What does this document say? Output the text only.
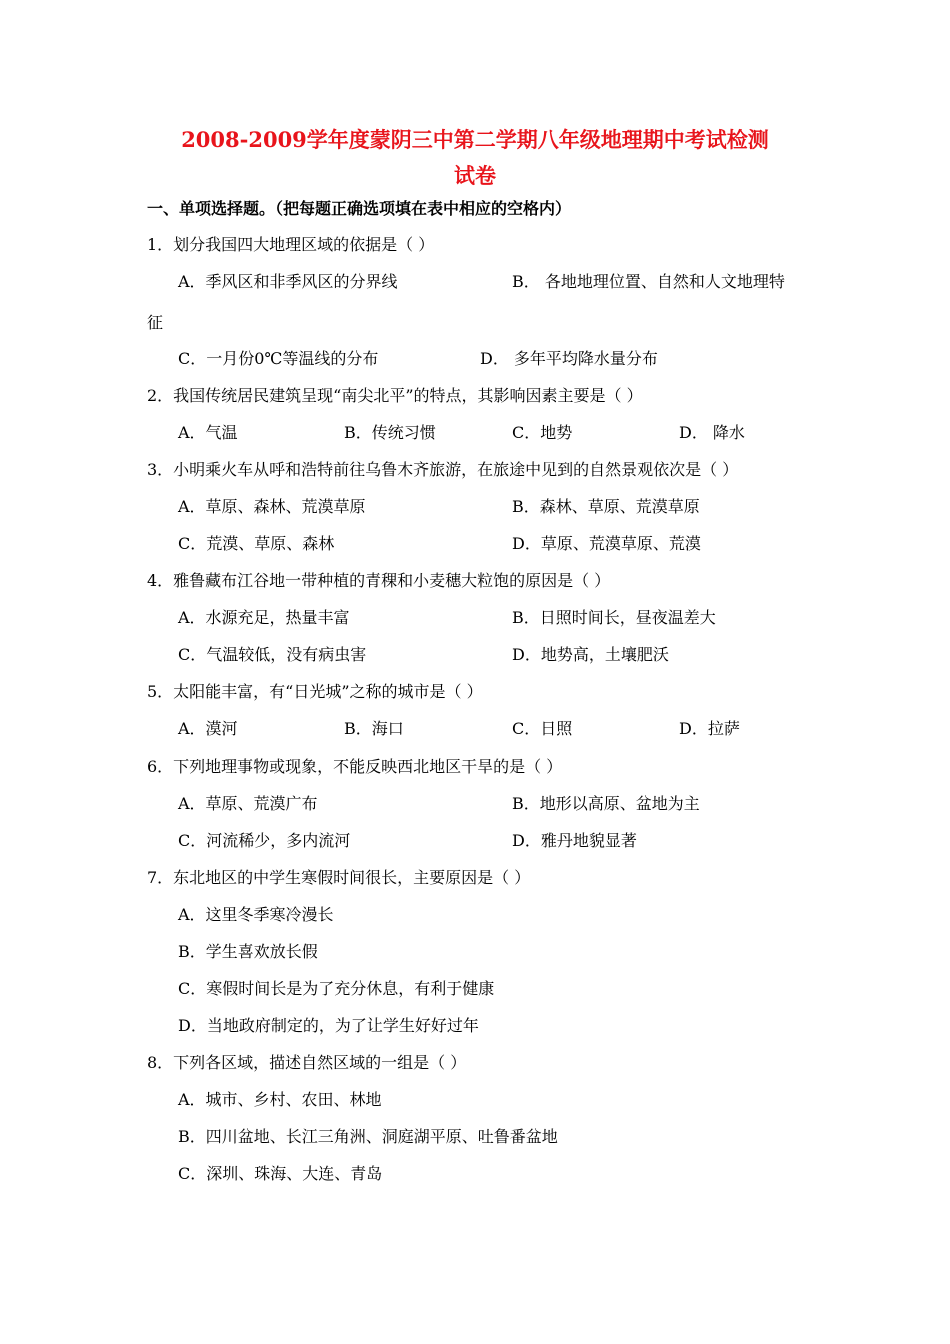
2008-2009学年度蒙阴三中第二学期八年级地理期中考试检测
试卷
一、单项选择题。（把每题正确选项填在表中相应的空格内）
1．划分我国四大地理区域的依据是（ ）
A．季风区和非季风区的分界线	B． 各地地理位置、自然和人文地理特
征
C．一月份0℃等温线的分布	D． 多年平均降水量分布
2．我国传统居民建筑呈现“南尖北平”的特点，其影响因素主要是（ ）
A．气温	B．传统习惯	C．地势	D． 降水
3．小明乘火车从呼和浩特前往乌鲁木齐旅游，在旅途中见到的自然景观依次是（ ）
A．草原、森林、荒漠草原	B．森林、草原、荒漠草原
C．荒漠、草原、森林	D．草原、荒漠草原、荒漠
4．雅鲁藏布江谷地一带种植的青稞和小麦穗大粒饱的原因是（ ）
A．水源充足，热量丰富	B．日照时间长，昼夜温差大
C．气温较低，没有病虫害	D．地势高，土壤肥沃
5．太阳能丰富，有“日光城”之称的城市是（ ）
A．漠河	B．海口	C．日照	D．拉萨
6．下列地理事物或现象，不能反映西北地区干旱的是（ ）
A．草原、荒漠广布	B．地形以高原、盆地为主
C．河流稀少，多内流河	D．雅丹地貌显著
7．东北地区的中学生寒假时间很长，主要原因是（ ）
A．这里冬季寒冷漫长
B．学生喜欢放长假
C．寒假时间长是为了充分休息，有利于健康
D．当地政府制定的，为了让学生好好过年
8．下列各区域，描述自然区域的一组是（ ）
A．城市、乡村、农田、林地
B．四川盆地、长江三角洲、洞庭湖平原、吐鲁番盆地
C．深圳、珠海、大连、青岛
